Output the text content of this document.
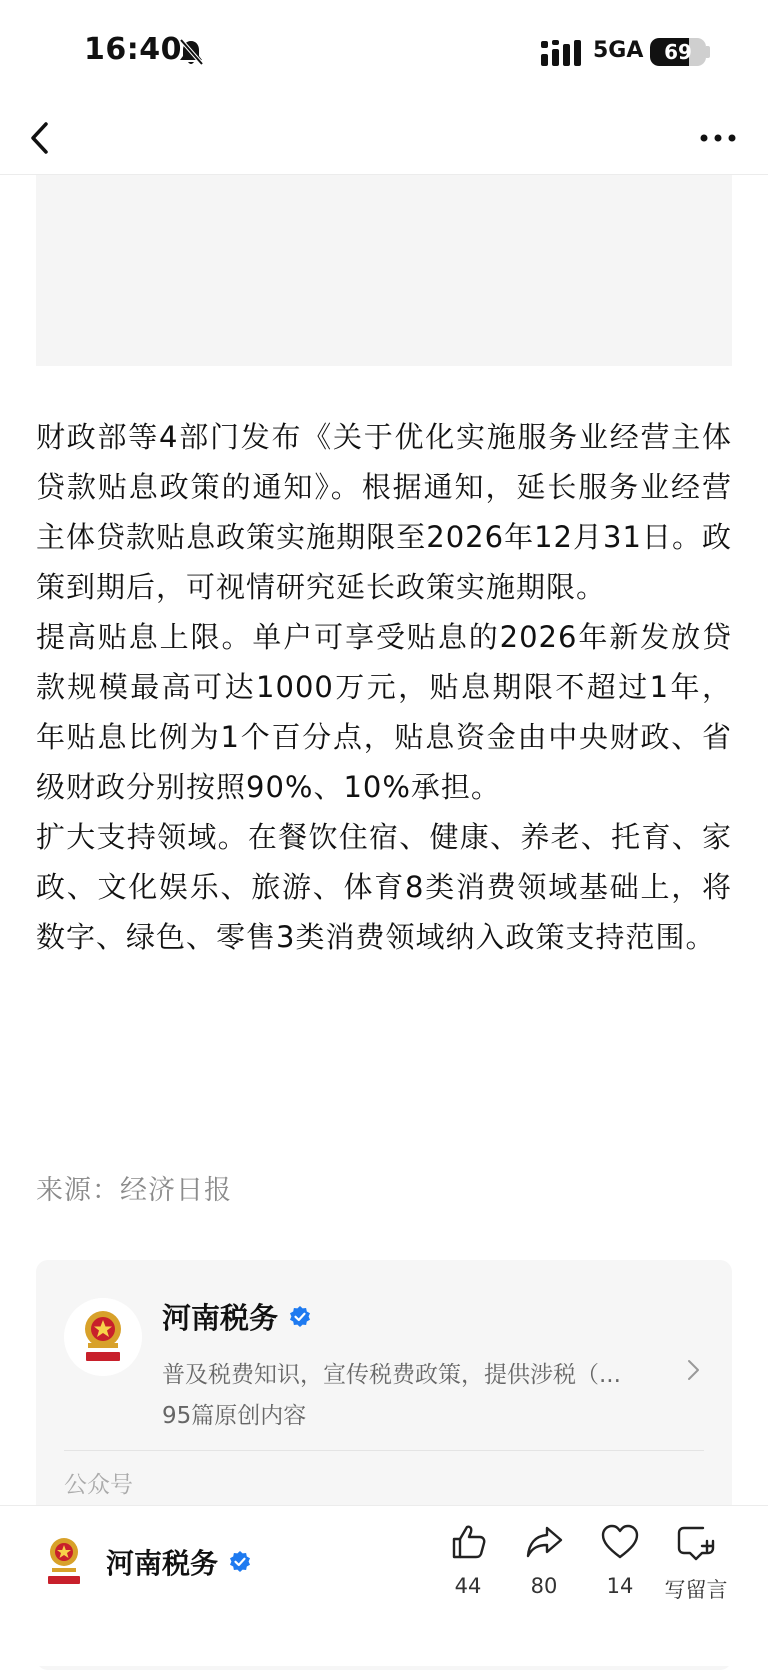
16:40	5GA	69

财政部等4部门发布《关于优化实施服务业经营主体贷款贴息政策的通知》。根据通知，延长服务业经营主体贷款贴息政策实施期限至2026年12月31日。政策到期后，可视情研究延长政策实施期限。

提高贴息上限。单户可享受贴息的2026年新发放贷款规模最高可达1000万元，贴息期限不超过1年，年贴息比例为1个百分点，贴息资金由中央财政、省级财政分别按照90%、10%承担。

扩大支持领域。在餐饮住宿、健康、养老、托育、家政、文化娱乐、旅游、体育8类消费领域基础上，将数字、绿色、零售3类消费领域纳入政策支持范围。

来源：经济日报
河南税务
普及税费知识，宣传税费政策，提供涉税（...
95篇原创内容
公众号
河南税务
44	80	14	写留言
